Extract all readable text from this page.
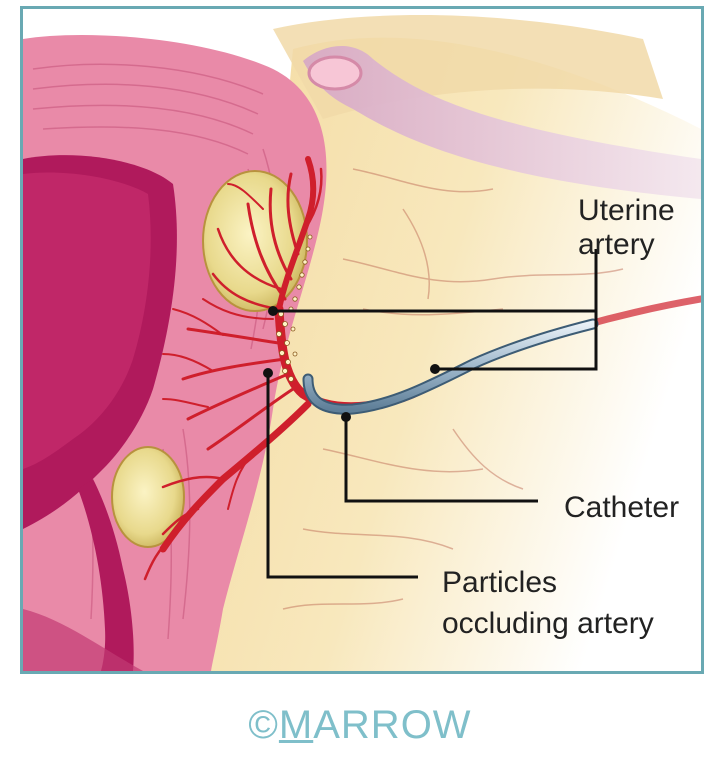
Uterine
artery
Catheter
Particles
occluding artery
©MARROW
